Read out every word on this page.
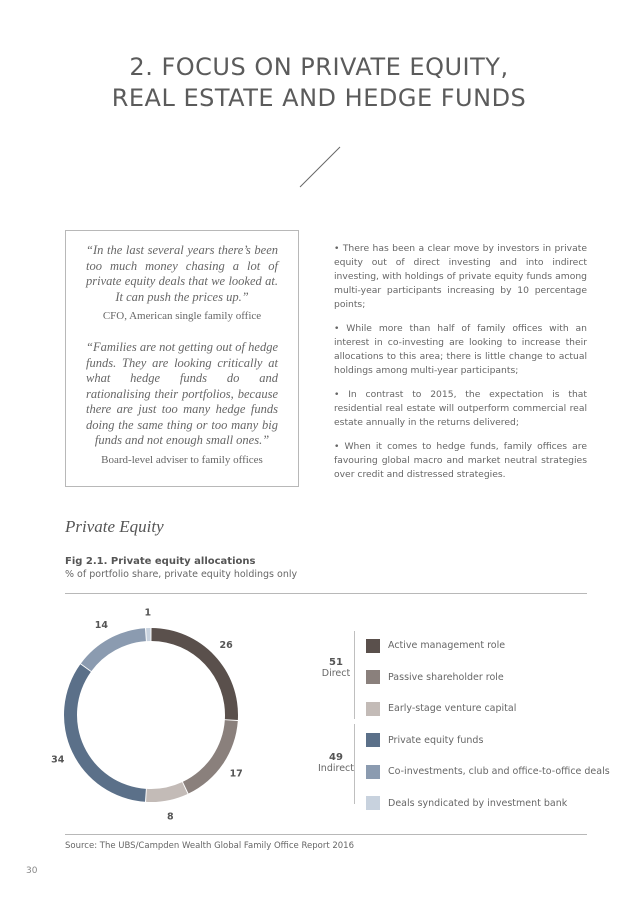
2. FOCUS ON PRIVATE EQUITY,
REAL ESTATE AND HEDGE FUNDS

“In the last several years there’s been too much money chasing a lot of private equity deals that we looked at. It can push the prices up.”

CFO, American single family office

“Families are not getting out of hedge funds. They are looking critically at what hedge funds do and rationalising their portfolios, because there are just too many hedge funds doing the same thing or too many big funds and not enough small ones.”

Board-level adviser to family offices

• There has been a clear move by investors in private equity out of direct investing and into indirect investing, with holdings of private equity funds among multi-year participants increasing by 10 percentage points;

• While more than half of family offices with an interest in co-investing are looking to increase their allocations to this area; there is little change to actual holdings among multi-year participants;

• In contrast to 2015, the expectation is that residential real estate will outperform commercial real estate annually in the returns delivered;

• When it comes to hedge funds, family offices are favouring global macro and market neutral strategies over credit and distressed strategies.

Private Equity
Fig 2.1. Private equity allocations
% of portfolio share, private equity holdings only
26
17
8
34
14
1
51
Direct
49
Indirect
Active management role
Passive shareholder role
Early-stage venture capital
Private equity funds
Co-investments, club and office-to-office deals
Deals syndicated by investment bank
Source: The UBS/Campden Wealth Global Family Office Report 2016
30
